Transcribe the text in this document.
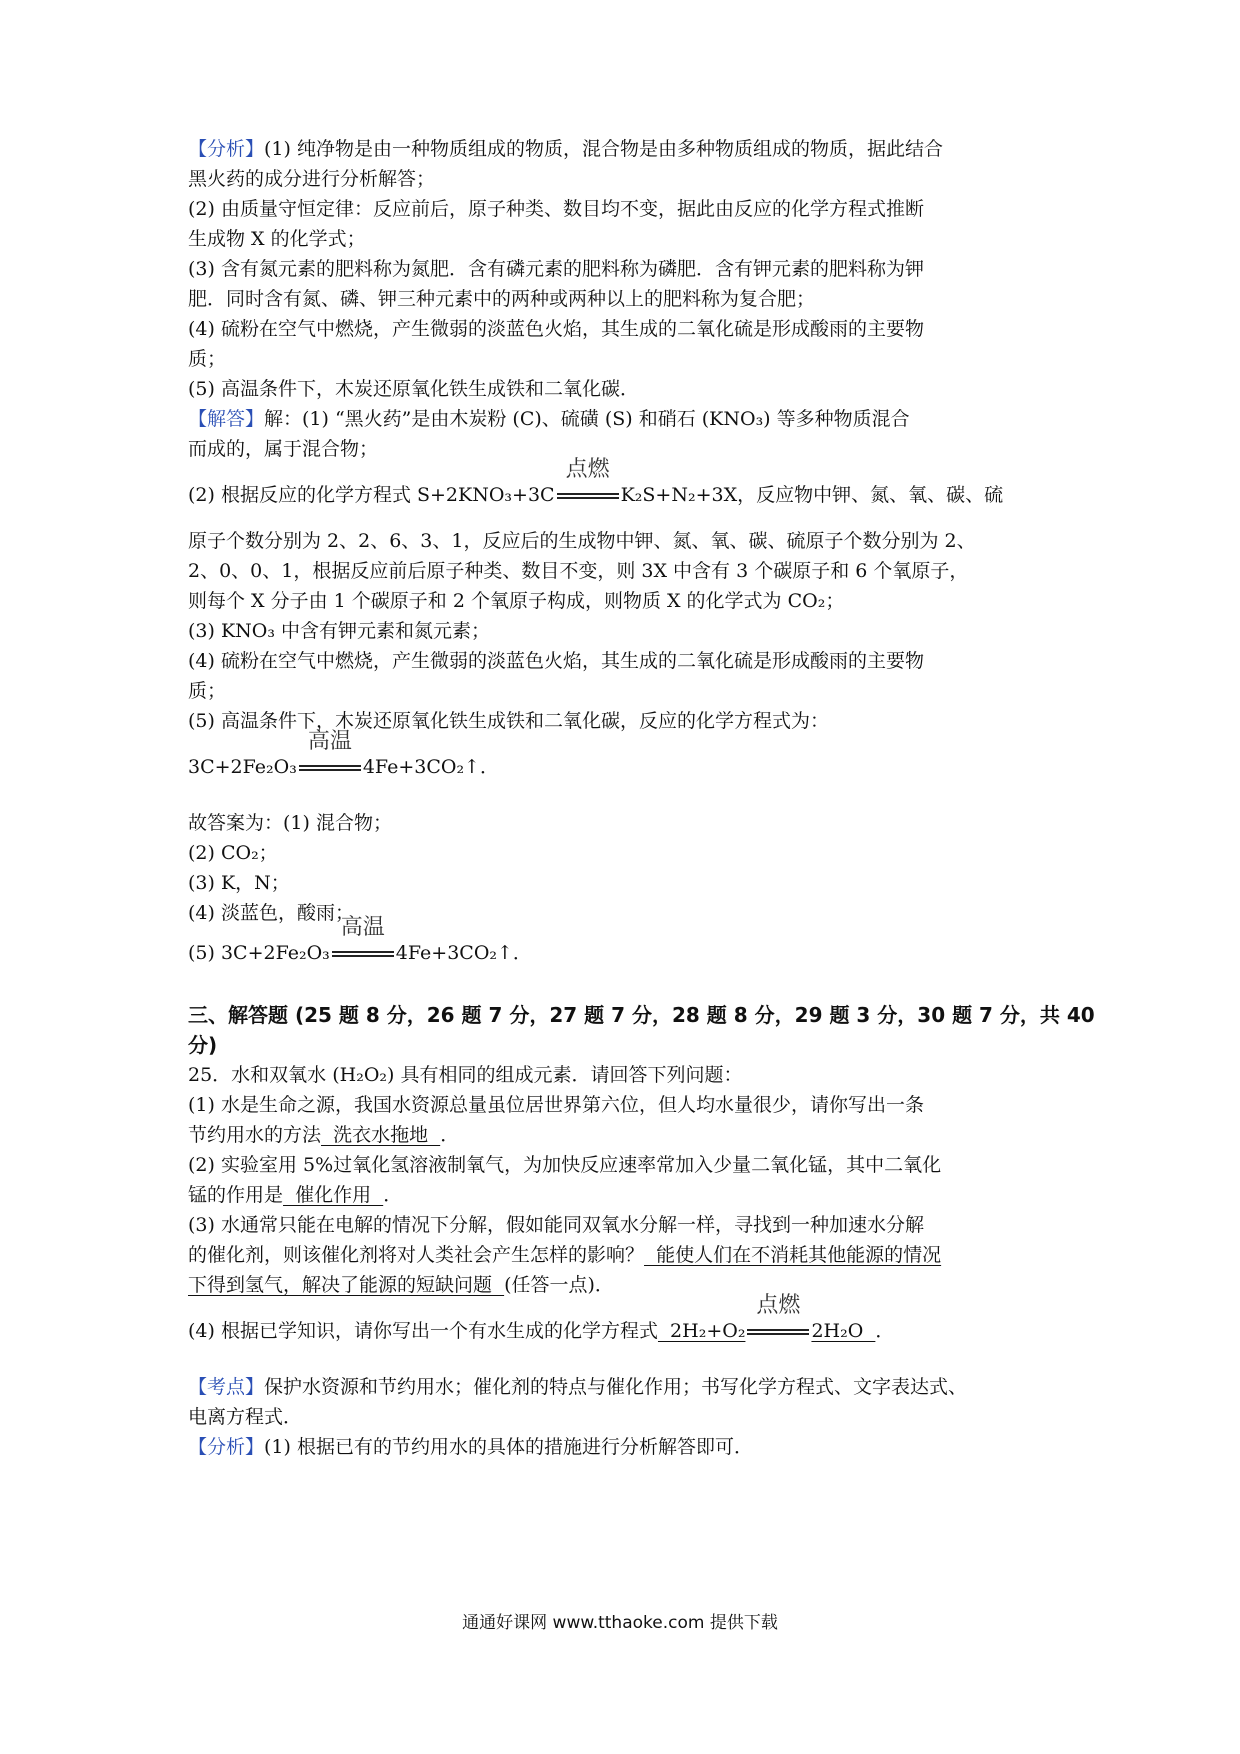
【分析】(1) 纯净物是由一种物质组成的物质，混合物是由多种物质组成的物质，据此结合
黑火药的成分进行分析解答；
(2) 由质量守恒定律：反应前后，原子种类、数目均不变，据此由反应的化学方程式推断
生成物 X 的化学式；
(3) 含有氮元素的肥料称为氮肥．含有磷元素的肥料称为磷肥．含有钾元素的肥料称为钾
肥．同时含有氮、磷、钾三种元素中的两种或两种以上的肥料称为复合肥；
(4) 硫粉在空气中燃烧，产生微弱的淡蓝色火焰，其生成的二氧化硫是形成酸雨的主要物
质；
(5) 高温条件下，木炭还原氧化铁生成铁和二氧化碳．
【解答】解：(1) “黑火药”是由木炭粉 (C)、硫磺 (S) 和硝石 (KNO₃) 等多种物质混合
而成的，属于混合物；
(2) 根据反应的化学方程式 S+2KNO₃+3C
点燃
K₂S+N₂+3X，反应物中钾、氮、氧、碳、硫
原子个数分别为 2、2、6、3、1，反应后的生成物中钾、氮、氧、碳、硫原子个数分别为 2、
2、0、0、1，根据反应前后原子种类、数目不变，则 3X 中含有 3 个碳原子和 6 个氧原子，
则每个 X 分子由 1 个碳原子和 2 个氧原子构成，则物质 X 的化学式为 CO₂；
(3) KNO₃ 中含有钾元素和氮元素；
(4) 硫粉在空气中燃烧，产生微弱的淡蓝色火焰，其生成的二氧化硫是形成酸雨的主要物
质；
(5) 高温条件下，木炭还原氧化铁生成铁和二氧化碳，反应的化学方程式为：
3C+2Fe₂O₃
高温
4Fe+3CO₂↑．
故答案为：(1) 混合物；
(2) CO₂；
(3) K，N；
(4) 淡蓝色，酸雨；
(5) 3C+2Fe₂O₃
高温
4Fe+3CO₂↑．
三、解答题 (25 题 8 分，26 题 7 分，27 题 7 分，28 题 8 分，29 题 3 分，30 题 7 分，共 40
分)
25．水和双氧水 (H₂O₂) 具有相同的组成元素．请回答下列问题：
(1) 水是生命之源，我国水资源总量虽位居世界第六位，但人均水量很少，请你写出一条
节约用水的方法  洗衣水拖地  ．
(2) 实验室用 5%过氧化氢溶液制氧气，为加快反应速率常加入少量二氧化锰，其中二氧化
锰的作用是  催化作用  ．
(3) 水通常只能在电解的情况下分解，假如能同双氧水分解一样，寻找到一种加速水分解
的催化剂，则该催化剂将对人类社会产生怎样的影响？  能使人们在不消耗其他能源的情况
下得到氢气，解决了能源的短缺问题  (任答一点)．
(4) 根据已学知识，请你写出一个有水生成的化学方程式  2H₂+O₂
点燃
2H₂O  ．
【考点】保护水资源和节约用水；催化剂的特点与催化作用；书写化学方程式、文字表达式、
电离方程式．
【分析】(1) 根据已有的节约用水的具体的措施进行分析解答即可．
通通好课网 www.tthaoke.com 提供下载
